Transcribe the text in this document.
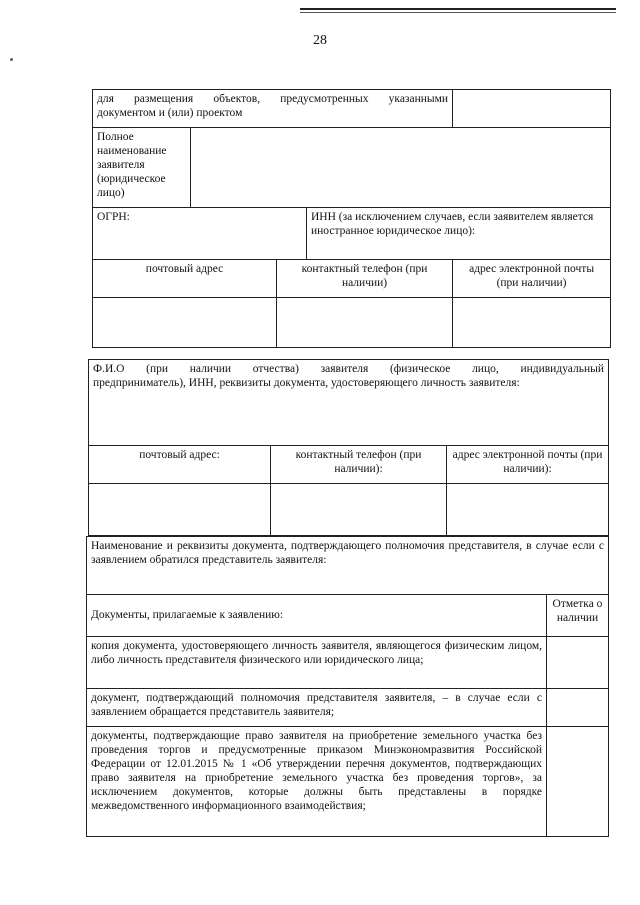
28
для размещения объектов, предусмотренных указанными
документом и (или) проектом				

Полное наименование заявителя (юридическое лицо)				
ОГРН:			ИНН (за исключением случаев, если заявителем является иностранное юридическое лицо):	
почтовый адрес		контактный телефон (при наличии)		адрес электронной почты (при наличии)

Ф.И.О (при наличии отчества) заявителя (физическое лицо, индивидуальный
предприниматель), ИНН, реквизиты документа, удостоверяющего личность заявителя:		

почтовый адрес:	контактный телефон (при наличии):	адрес электронной почты (при наличии):

Наименование и реквизиты документа, подтверждающего полномочия представителя, в случае если с заявлением обратился представитель заявителя:	
Документы, прилагаемые к заявлению:	Отметка о наличии
копия документа, удостоверяющего личность заявителя, являющегося физическим лицом, либо личность представителя физического или юридического лица;	
документ, подтверждающий полномочия представителя заявителя, – в случае если с заявлением обращается представитель заявителя;	
документы, подтверждающие право заявителя на приобретение земельного участка без проведения торгов и предусмотренные приказом Минэкономразвития Российской Федерации от 12.01.2015 № 1 «Об утверждении перечня документов, подтверждающих право заявителя на приобретение земельного участка без проведения торгов», за исключением документов, которые должны быть представлены в порядке межведомственного информационного взаимодействия;	
